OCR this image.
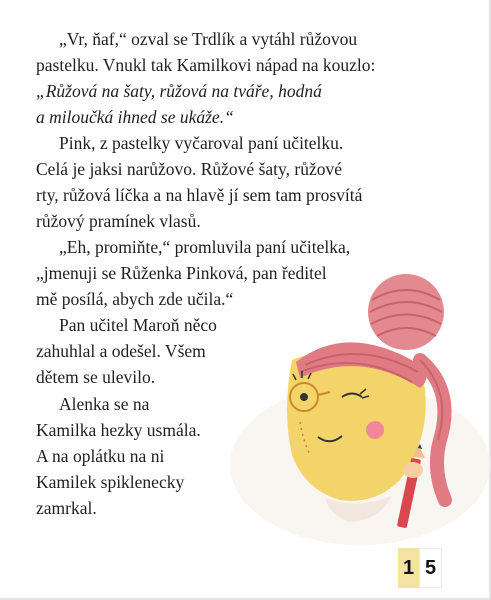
„Vr, ňaf,“ ozval se Trdlík a vytáhl růžovou
pastelku. Vnukl tak Kamilkovi nápad na kouzlo:
„Růžová na šaty, růžová na tváře, hodná
a miloučká ihned se ukáže.“
Pink, z pastelky vyčaroval paní učitelku.
Celá je jaksi narůžovo. Růžové šaty, růžové
rty, růžová líčka a na hlavě jí sem tam prosvítá
růžový pramínek vlasů.
„Eh, promiňte,“ promluvila paní učitelka,
„jmenuji se Růženka Pinková, pan ředitel
mě posílá, abych zde učila.“
Pan učitel Maroň něco
zahuhlal a odešel. Všem
dětem se ulevilo.
Alenka se na
Kamilka hezky usmála.
A na oplátku na ni
Kamilek spiklenecky
zamrkal.
1 5
